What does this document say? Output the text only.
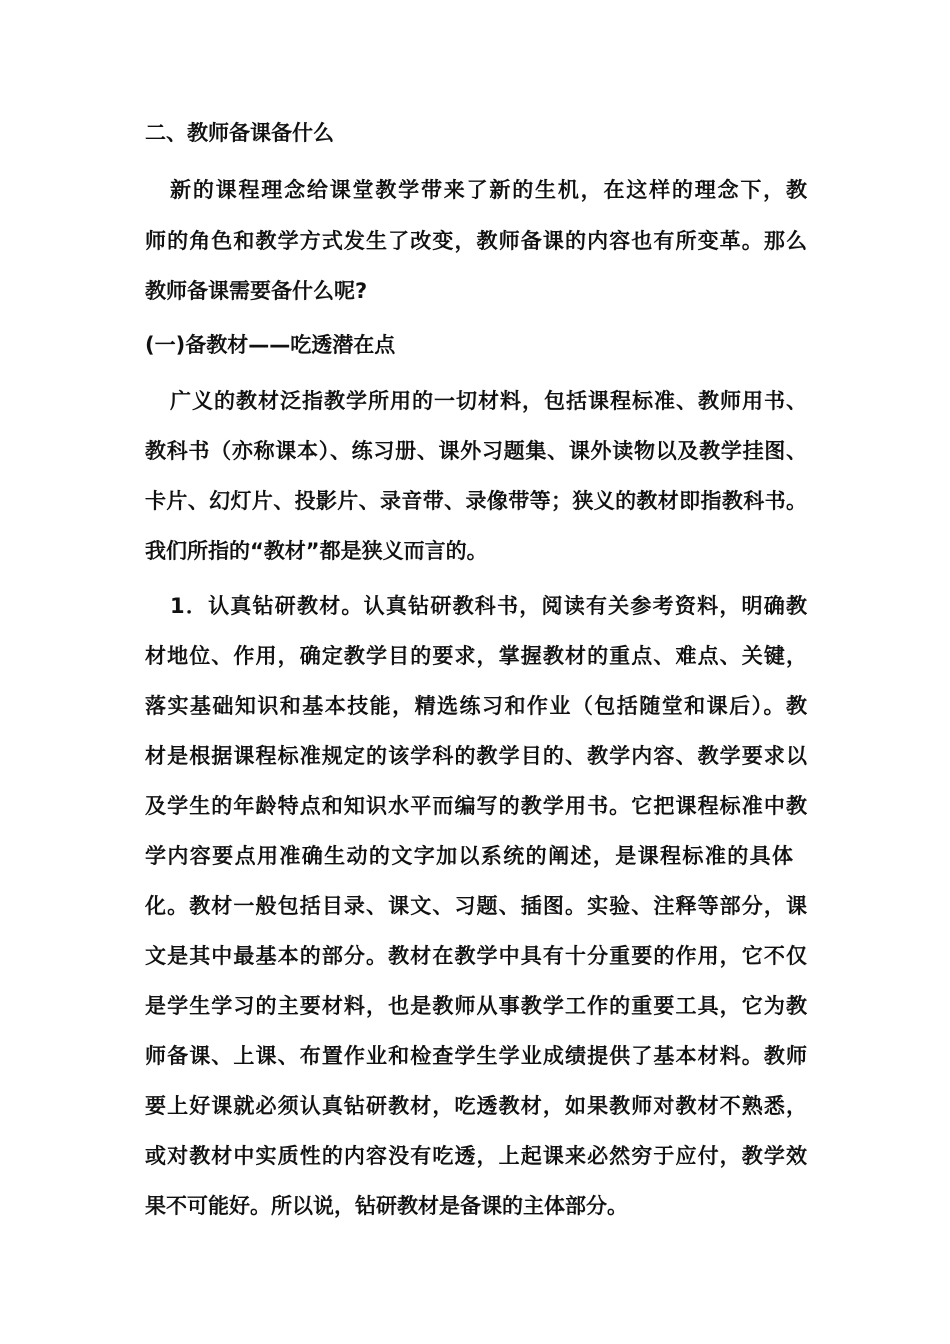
二、教师备课备什么
新的课程理念给课堂教学带来了新的生机，在这样的理念下，教
师的角色和教学方式发生了改变，教师备课的内容也有所变革。那么
教师备课需要备什么呢?
(一)备教材——吃透潜在点
广义的教材泛指教学所用的一切材料，包括课程标准、教师用书、
教科书（亦称课本）、练习册、课外习题集、课外读物以及教学挂图、
卡片、幻灯片、投影片、录音带、录像带等；狭义的教材即指教科书。
我们所指的“教材”都是狭义而言的。
1．认真钻研教材。认真钻研教科书，阅读有关参考资料，明确教
材地位、作用，确定教学目的要求，掌握教材的重点、难点、关键，
落实基础知识和基本技能，精选练习和作业（包括随堂和课后）。教
材是根据课程标准规定的该学科的教学目的、教学内容、教学要求以
及学生的年龄特点和知识水平而编写的教学用书。它把课程标准中教
学内容要点用准确生动的文字加以系统的阐述，是课程标准的具体
化。教材一般包括目录、课文、习题、插图。实验、注释等部分，课
文是其中最基本的部分。教材在教学中具有十分重要的作用，它不仅
是学生学习的主要材料，也是教师从事教学工作的重要工具，它为教
师备课、上课、布置作业和检查学生学业成绩提供了基本材料。教师
要上好课就必须认真钻研教材，吃透教材，如果教师对教材不熟悉，
或对教材中实质性的内容没有吃透，上起课来必然穷于应付，教学效
果不可能好。所以说，钻研教材是备课的主体部分。
